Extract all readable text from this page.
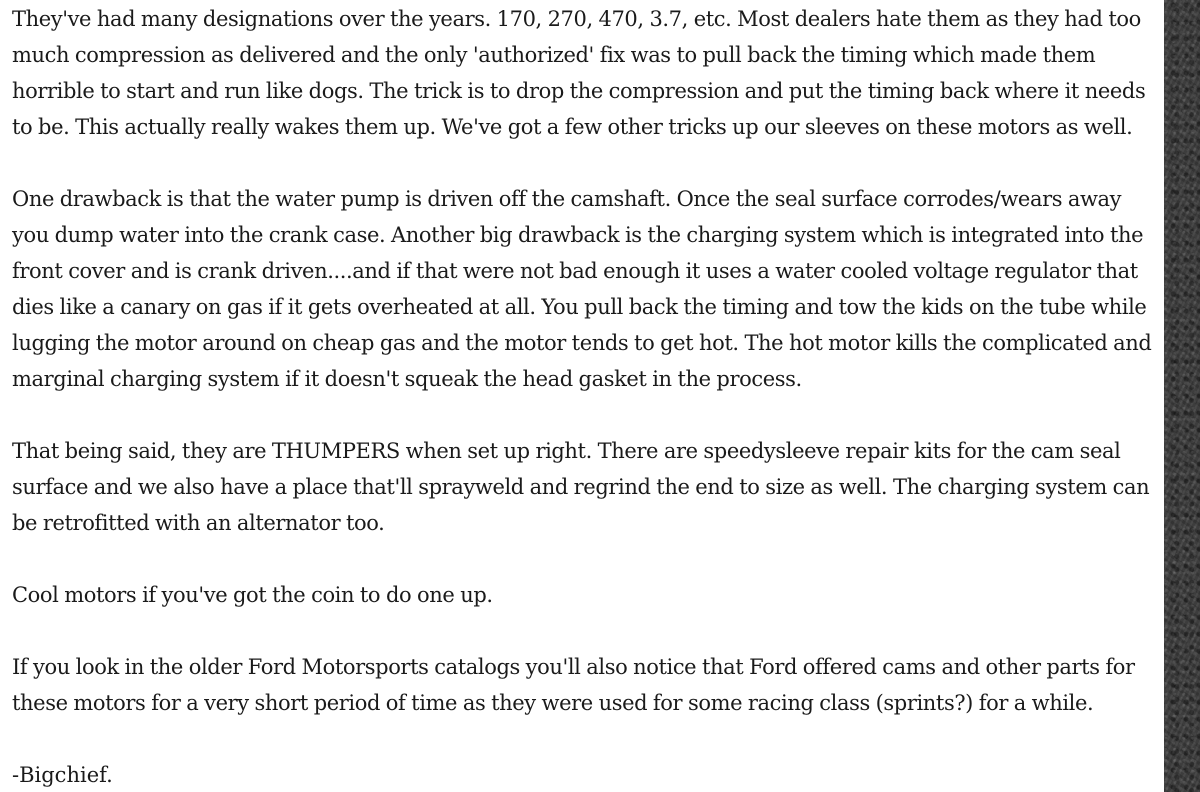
They've had many designations over the years. 170, 270, 470, 3.7, etc. Most dealers hate them as they had too much compression as delivered and the only 'authorized' fix was to pull back the timing which made them horrible to start and run like dogs. The trick is to drop the compression and put the timing back where it needs to be. This actually really wakes them up. We've got a few other tricks up our sleeves on these motors as well.

One drawback is that the water pump is driven off the camshaft. Once the seal surface corrodes/wears away you dump water into the crank case. Another big drawback is the charging system which is integrated into the front cover and is crank driven....and if that were not bad enough it uses a water cooled voltage regulator that dies like a canary on gas if it gets overheated at all. You pull back the timing and tow the kids on the tube while lugging the motor around on cheap gas and the motor tends to get hot. The hot motor kills the complicated and marginal charging system if it doesn't squeak the head gasket in the process.

That being said, they are THUMPERS when set up right. There are speedysleeve repair kits for the cam seal surface and we also have a place that'll sprayweld and regrind the end to size as well. The charging system can be retrofitted with an alternator too.

Cool motors if you've got the coin to do one up.

If you look in the older Ford Motorsports catalogs you'll also notice that Ford offered cams and other parts for these motors for a very short period of time as they were used for some racing class (sprints?) for a while.

-Bigchief.
